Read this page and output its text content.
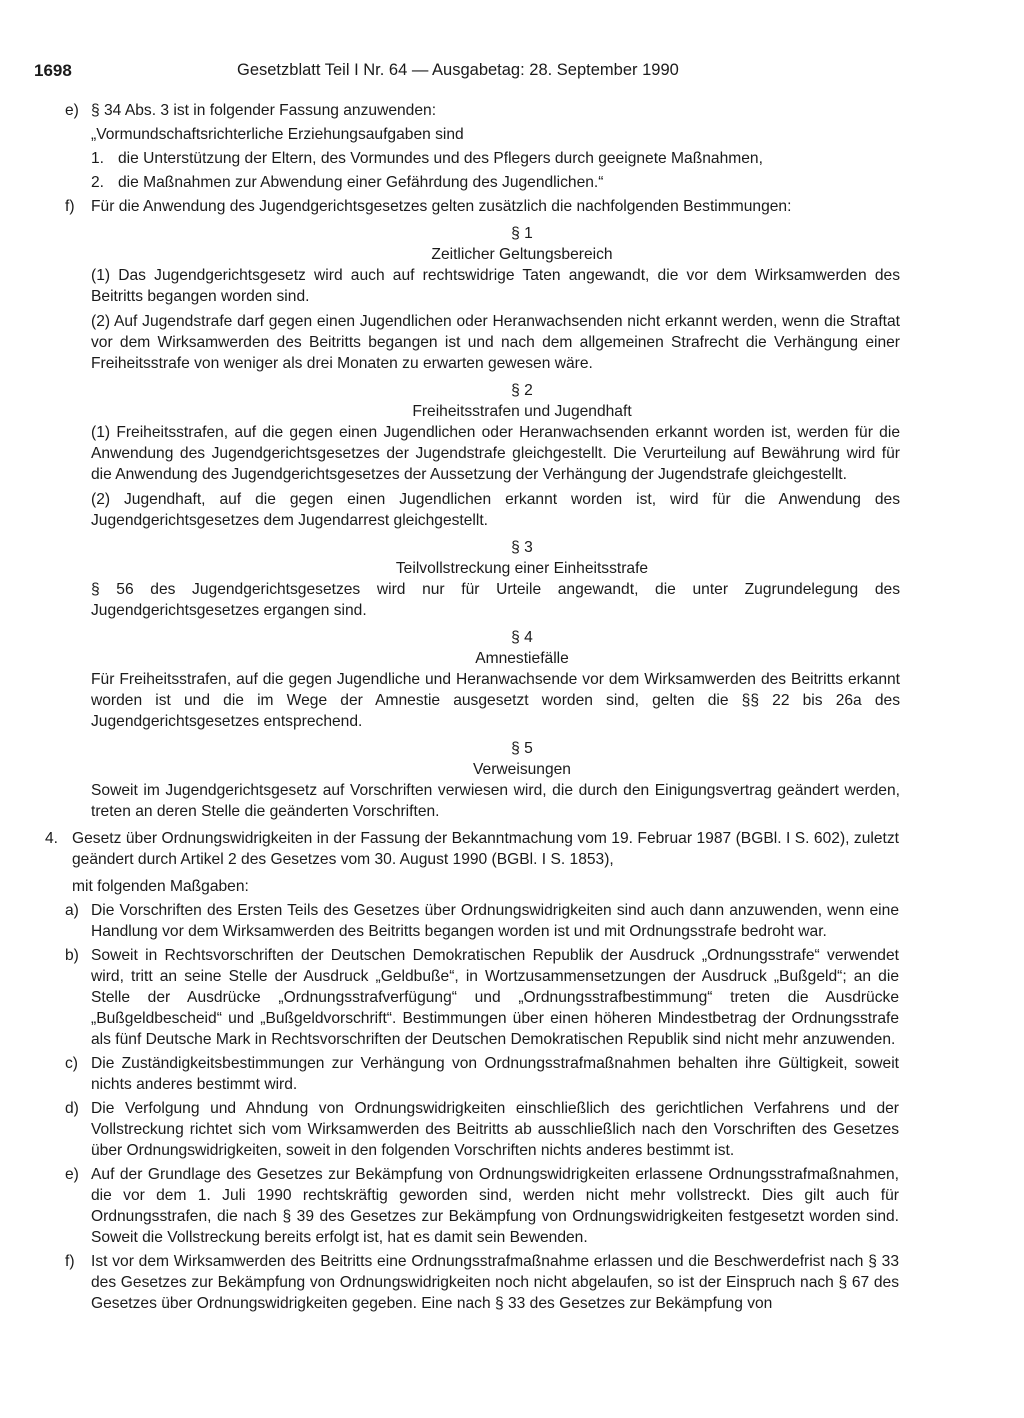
1698	Gesetzblatt Teil I Nr. 64 — Ausgabetag: 28. September 1990
e) § 34 Abs. 3 ist in folgender Fassung anzuwenden:
„Vormundschaftsrichterliche Erziehungsaufgaben sind
1. die Unterstützung der Eltern, des Vormundes und des Pflegers durch geeignete Maßnahmen,
2. die Maßnahmen zur Abwendung einer Gefährdung des Jugendlichen.“
f) Für die Anwendung des Jugendgerichtsgesetzes gelten zusätzlich die nachfolgenden Bestimmungen:
§ 1
Zeitlicher Geltungsbereich
(1) Das Jugendgerichtsgesetz wird auch auf rechtswidrige Taten angewandt, die vor dem Wirksamwerden des Beitritts begangen worden sind.
(2) Auf Jugendstrafe darf gegen einen Jugendlichen oder Heranwachsenden nicht erkannt werden, wenn die Straftat vor dem Wirksamwerden des Beitritts begangen ist und nach dem allgemeinen Strafrecht die Verhängung einer Freiheitsstrafe von weniger als drei Monaten zu erwarten gewesen wäre.
§ 2
Freiheitsstrafen und Jugendhaft
(1) Freiheitsstrafen, auf die gegen einen Jugendlichen oder Heranwachsenden erkannt worden ist, werden für die Anwendung des Jugendgerichtsgesetzes der Jugendstrafe gleichgestellt. Die Verurteilung auf Bewährung wird für die Anwendung des Jugendgerichtsgesetzes der Aussetzung der Verhängung der Jugendstrafe gleichgestellt.
(2) Jugendhaft, auf die gegen einen Jugendlichen erkannt worden ist, wird für die Anwendung des Jugendgerichtsgesetzes dem Jugendarrest gleichgestellt.
§ 3
Teilvollstreckung einer Einheitsstrafe
§ 56 des Jugendgerichtsgesetzes wird nur für Urteile angewandt, die unter Zugrundelegung des Jugendgerichtsgesetzes ergangen sind.
§ 4
Amnestiefälle
Für Freiheitsstrafen, auf die gegen Jugendliche und Heranwachsende vor dem Wirksamwerden des Beitritts erkannt worden ist und die im Wege der Amnestie ausgesetzt worden sind, gelten die §§ 22 bis 26a des Jugendgerichtsgesetzes entsprechend.
§ 5
Verweisungen
Soweit im Jugendgerichtsgesetz auf Vorschriften verwiesen wird, die durch den Einigungsvertrag geändert werden, treten an deren Stelle die geänderten Vorschriften.
4. Gesetz über Ordnungswidrigkeiten in der Fassung der Bekanntmachung vom 19. Februar 1987 (BGBl. I S. 602), zuletzt geändert durch Artikel 2 des Gesetzes vom 30. August 1990 (BGBl. I S. 1853),
mit folgenden Maßgaben:
a) Die Vorschriften des Ersten Teils des Gesetzes über Ordnungswidrigkeiten sind auch dann anzuwenden, wenn eine Handlung vor dem Wirksamwerden des Beitritts begangen worden ist und mit Ordnungsstrafe bedroht war.
b) Soweit in Rechtsvorschriften der Deutschen Demokratischen Republik der Ausdruck „Ordnungsstrafe“ verwendet wird, tritt an seine Stelle der Ausdruck „Geldbuße“, in Wortzusammensetzungen der Ausdruck „Bußgeld“; an die Stelle der Ausdrücke „Ordnungsstrafverfügung“ und „Ordnungsstrafbestimmung“ treten die Ausdrücke „Bußgeldbescheid“ und „Bußgeldvorschrift“. Bestimmungen über einen höheren Mindestbetrag der Ordnungsstrafe als fünf Deutsche Mark in Rechtsvorschriften der Deutschen Demokratischen Republik sind nicht mehr anzuwenden.
c) Die Zuständigkeitsbestimmungen zur Verhängung von Ordnungsstrafmaßnahmen behalten ihre Gültigkeit, soweit nichts anderes bestimmt wird.
d) Die Verfolgung und Ahndung von Ordnungswidrigkeiten einschließlich des gerichtlichen Verfahrens und der Vollstreckung richtet sich vom Wirksamwerden des Beitritts ab ausschließlich nach den Vorschriften des Gesetzes über Ordnungswidrigkeiten, soweit in den folgenden Vorschriften nichts anderes bestimmt ist.
e) Auf der Grundlage des Gesetzes zur Bekämpfung von Ordnungswidrigkeiten erlassene Ordnungsstrafmaßnahmen, die vor dem 1. Juli 1990 rechtskräftig geworden sind, werden nicht mehr vollstreckt. Dies gilt auch für Ordnungsstrafen, die nach § 39 des Gesetzes zur Bekämpfung von Ordnungswidrigkeiten festgesetzt worden sind. Soweit die Vollstreckung bereits erfolgt ist, hat es damit sein Bewenden.
f) Ist vor dem Wirksamwerden des Beitritts eine Ordnungsstrafmaßnahme erlassen und die Beschwerdefrist nach § 33 des Gesetzes zur Bekämpfung von Ordnungswidrigkeiten noch nicht abgelaufen, so ist der Einspruch nach § 67 des Gesetzes über Ordnungswidrigkeiten gegeben. Eine nach § 33 des Gesetzes zur Bekämpfung von
